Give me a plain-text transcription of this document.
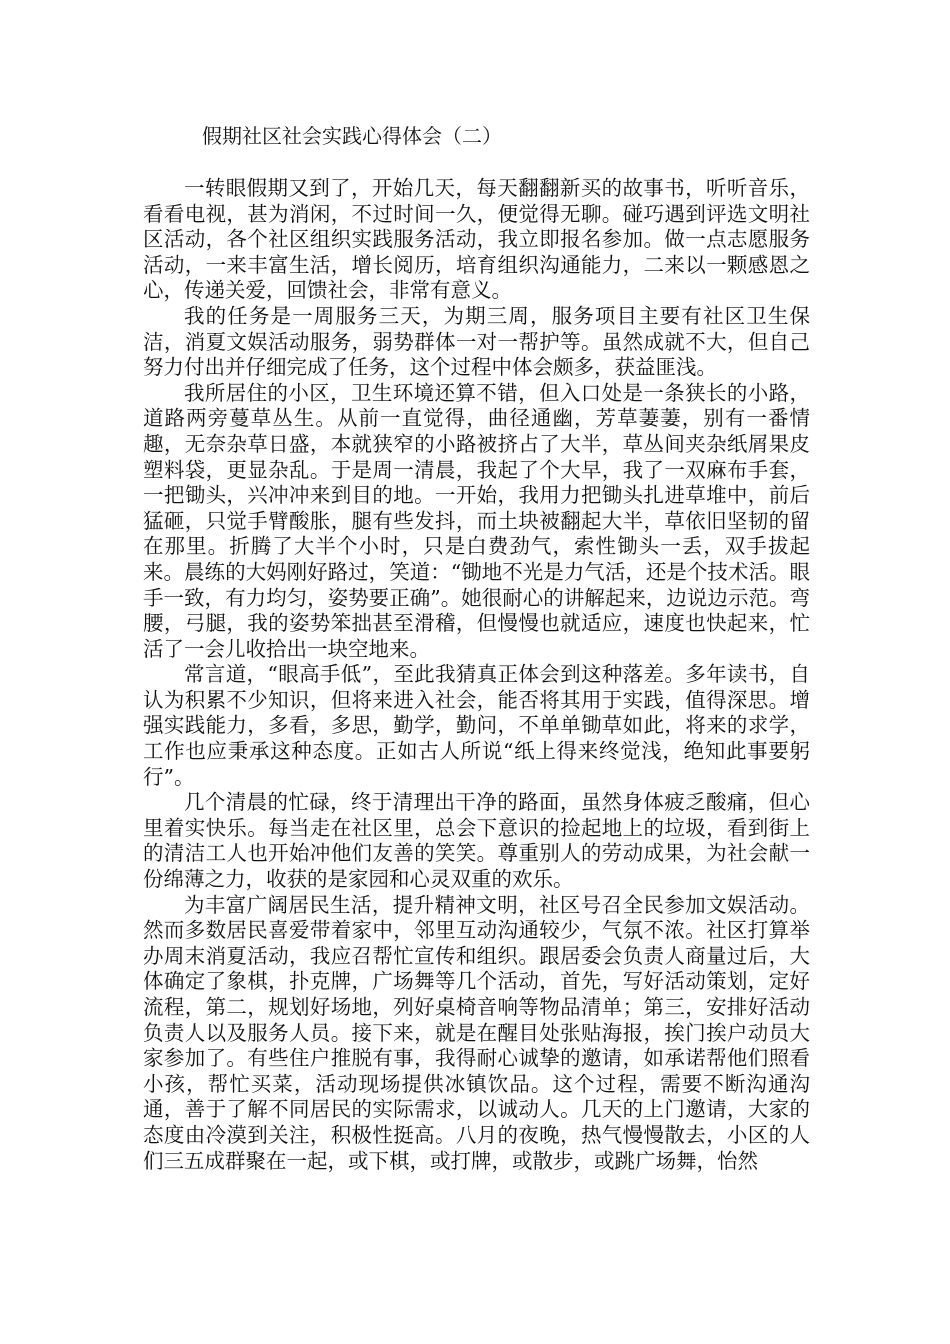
假期社区社会实践心得体会（二）

一转眼假期又到了，开始几天，每天翻翻新买的故事书，听听音乐，看看电视，甚为消闲，不过时间一久，便觉得无聊。碰巧遇到评选文明社区活动，各个社区组织实践服务活动，我立即报名参加。做一点志愿服务活动，一来丰富生活，增长阅历，培育组织沟通能力，二来以一颗感恩之心，传递关爱，回馈社会，非常有意义。

我的任务是一周服务三天，为期三周，服务项目主要有社区卫生保洁，消夏文娱活动服务，弱势群体一对一帮护等。虽然成就不大，但自己努力付出并仔细完成了任务，这个过程中体会颇多，获益匪浅。

我所居住的小区，卫生环境还算不错，但入口处是一条狭长的小路，道路两旁蔓草丛生。从前一直觉得，曲径通幽，芳草萋萋，别有一番情趣，无奈杂草日盛，本就狭窄的小路被挤占了大半，草丛间夹杂纸屑果皮塑料袋，更显杂乱。于是周一清晨，我起了个大早，我了一双麻布手套，一把锄头，兴冲冲来到目的地。一开始，我用力把锄头扎进草堆中，前后猛砸，只觉手臂酸胀，腿有些发抖，而土块被翻起大半，草依旧坚韧的留在那里。折腾了大半个小时，只是白费劲气，索性锄头一丢，双手拔起来。晨练的大妈刚好路过，笑道：“锄地不光是力气活，还是个技术活。眼手一致，有力均匀，姿势要正确”。她很耐心的讲解起来，边说边示范。弯腰，弓腿，我的姿势笨拙甚至滑稽，但慢慢也就适应，速度也快起来，忙活了一会儿收拾出一块空地来。

常言道，“眼高手低”，至此我猜真正体会到这种落差。多年读书，自认为积累不少知识，但将来进入社会，能否将其用于实践，值得深思。增强实践能力，多看，多思，勤学，勤问，不单单锄草如此，将来的求学，工作也应秉承这种态度。正如古人所说“纸上得来终觉浅，绝知此事要躬行”。

几个清晨的忙碌，终于清理出干净的路面，虽然身体疲乏酸痛，但心里着实快乐。每当走在社区里，总会下意识的捡起地上的垃圾，看到街上的清洁工人也开始冲他们友善的笑笑。尊重别人的劳动成果，为社会献一份绵薄之力，收获的是家园和心灵双重的欢乐。

为丰富广阔居民生活，提升精神文明，社区号召全民参加文娱活动。然而多数居民喜爱带着家中，邻里互动沟通较少，气氛不浓。社区打算举办周末消夏活动，我应召帮忙宣传和组织。跟居委会负责人商量过后，大体确定了象棋，扑克牌，广场舞等几个活动，首先，写好活动策划，定好流程，第二，规划好场地，列好桌椅音响等物品清单；第三，安排好活动负责人以及服务人员。接下来，就是在醒目处张贴海报，挨门挨户动员大家参加了。有些住户推脱有事，我得耐心诚挚的邀请，如承诺帮他们照看小孩，帮忙买菜，活动现场提供冰镇饮品。这个过程，需要不断沟通沟通，善于了解不同居民的实际需求，以诚动人。几天的上门邀请，大家的态度由冷漠到关注，积极性挺高。八月的夜晚，热气慢慢散去，小区的人们三五成群聚在一起，或下棋，或打牌，或散步，或跳广场舞，怡然
